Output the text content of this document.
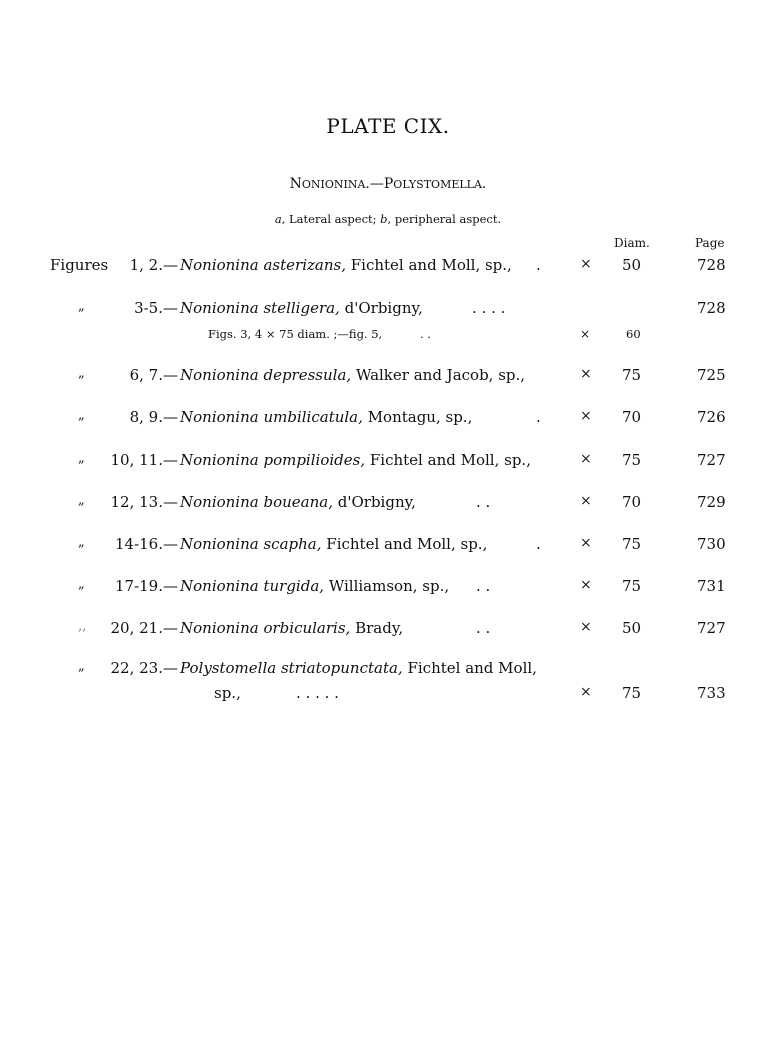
PLATE CIX.
NONIONINA.—POLYSTOMELLA.
a, Lateral aspect; b, peripheral aspect.
Diam.	Page
Figures 1, 2.— Nonionina asterizans, Fichtel and Moll, sp., .	× 50	728
„	3-5.— Nonionina stelligera, d'Orbigny,	. . . .	728
Figs. 3, 4 × 75 diam. ;—fig. 5,	. .	×	60
„	6, 7.— Nonionina depressula, Walker and Jacob, sp.,	× 75	725
„	8, 9.— Nonionina umbilicatula, Montagu, sp.,	.	× 70	726
„ 10, 11.— Nonionina pompilioides, Fichtel and Moll, sp.,	× 75	727
„ 12, 13.— Nonionina boueana, d'Orbigny,	. .	× 70	729
„ 14-16.— Nonionina scapha, Fichtel and Moll, sp.,	.	× 75	730
„ 17-19.— Nonionina turgida, Williamson, sp., . .	× 75	731
‚‚ 20, 21.— Nonionina orbicularis, Brady,	. .	× 50	727
„ 22, 23.— Polystomella striatopunctata, Fichtel and Moll,
sp.,	. . . . .	× 75	733
